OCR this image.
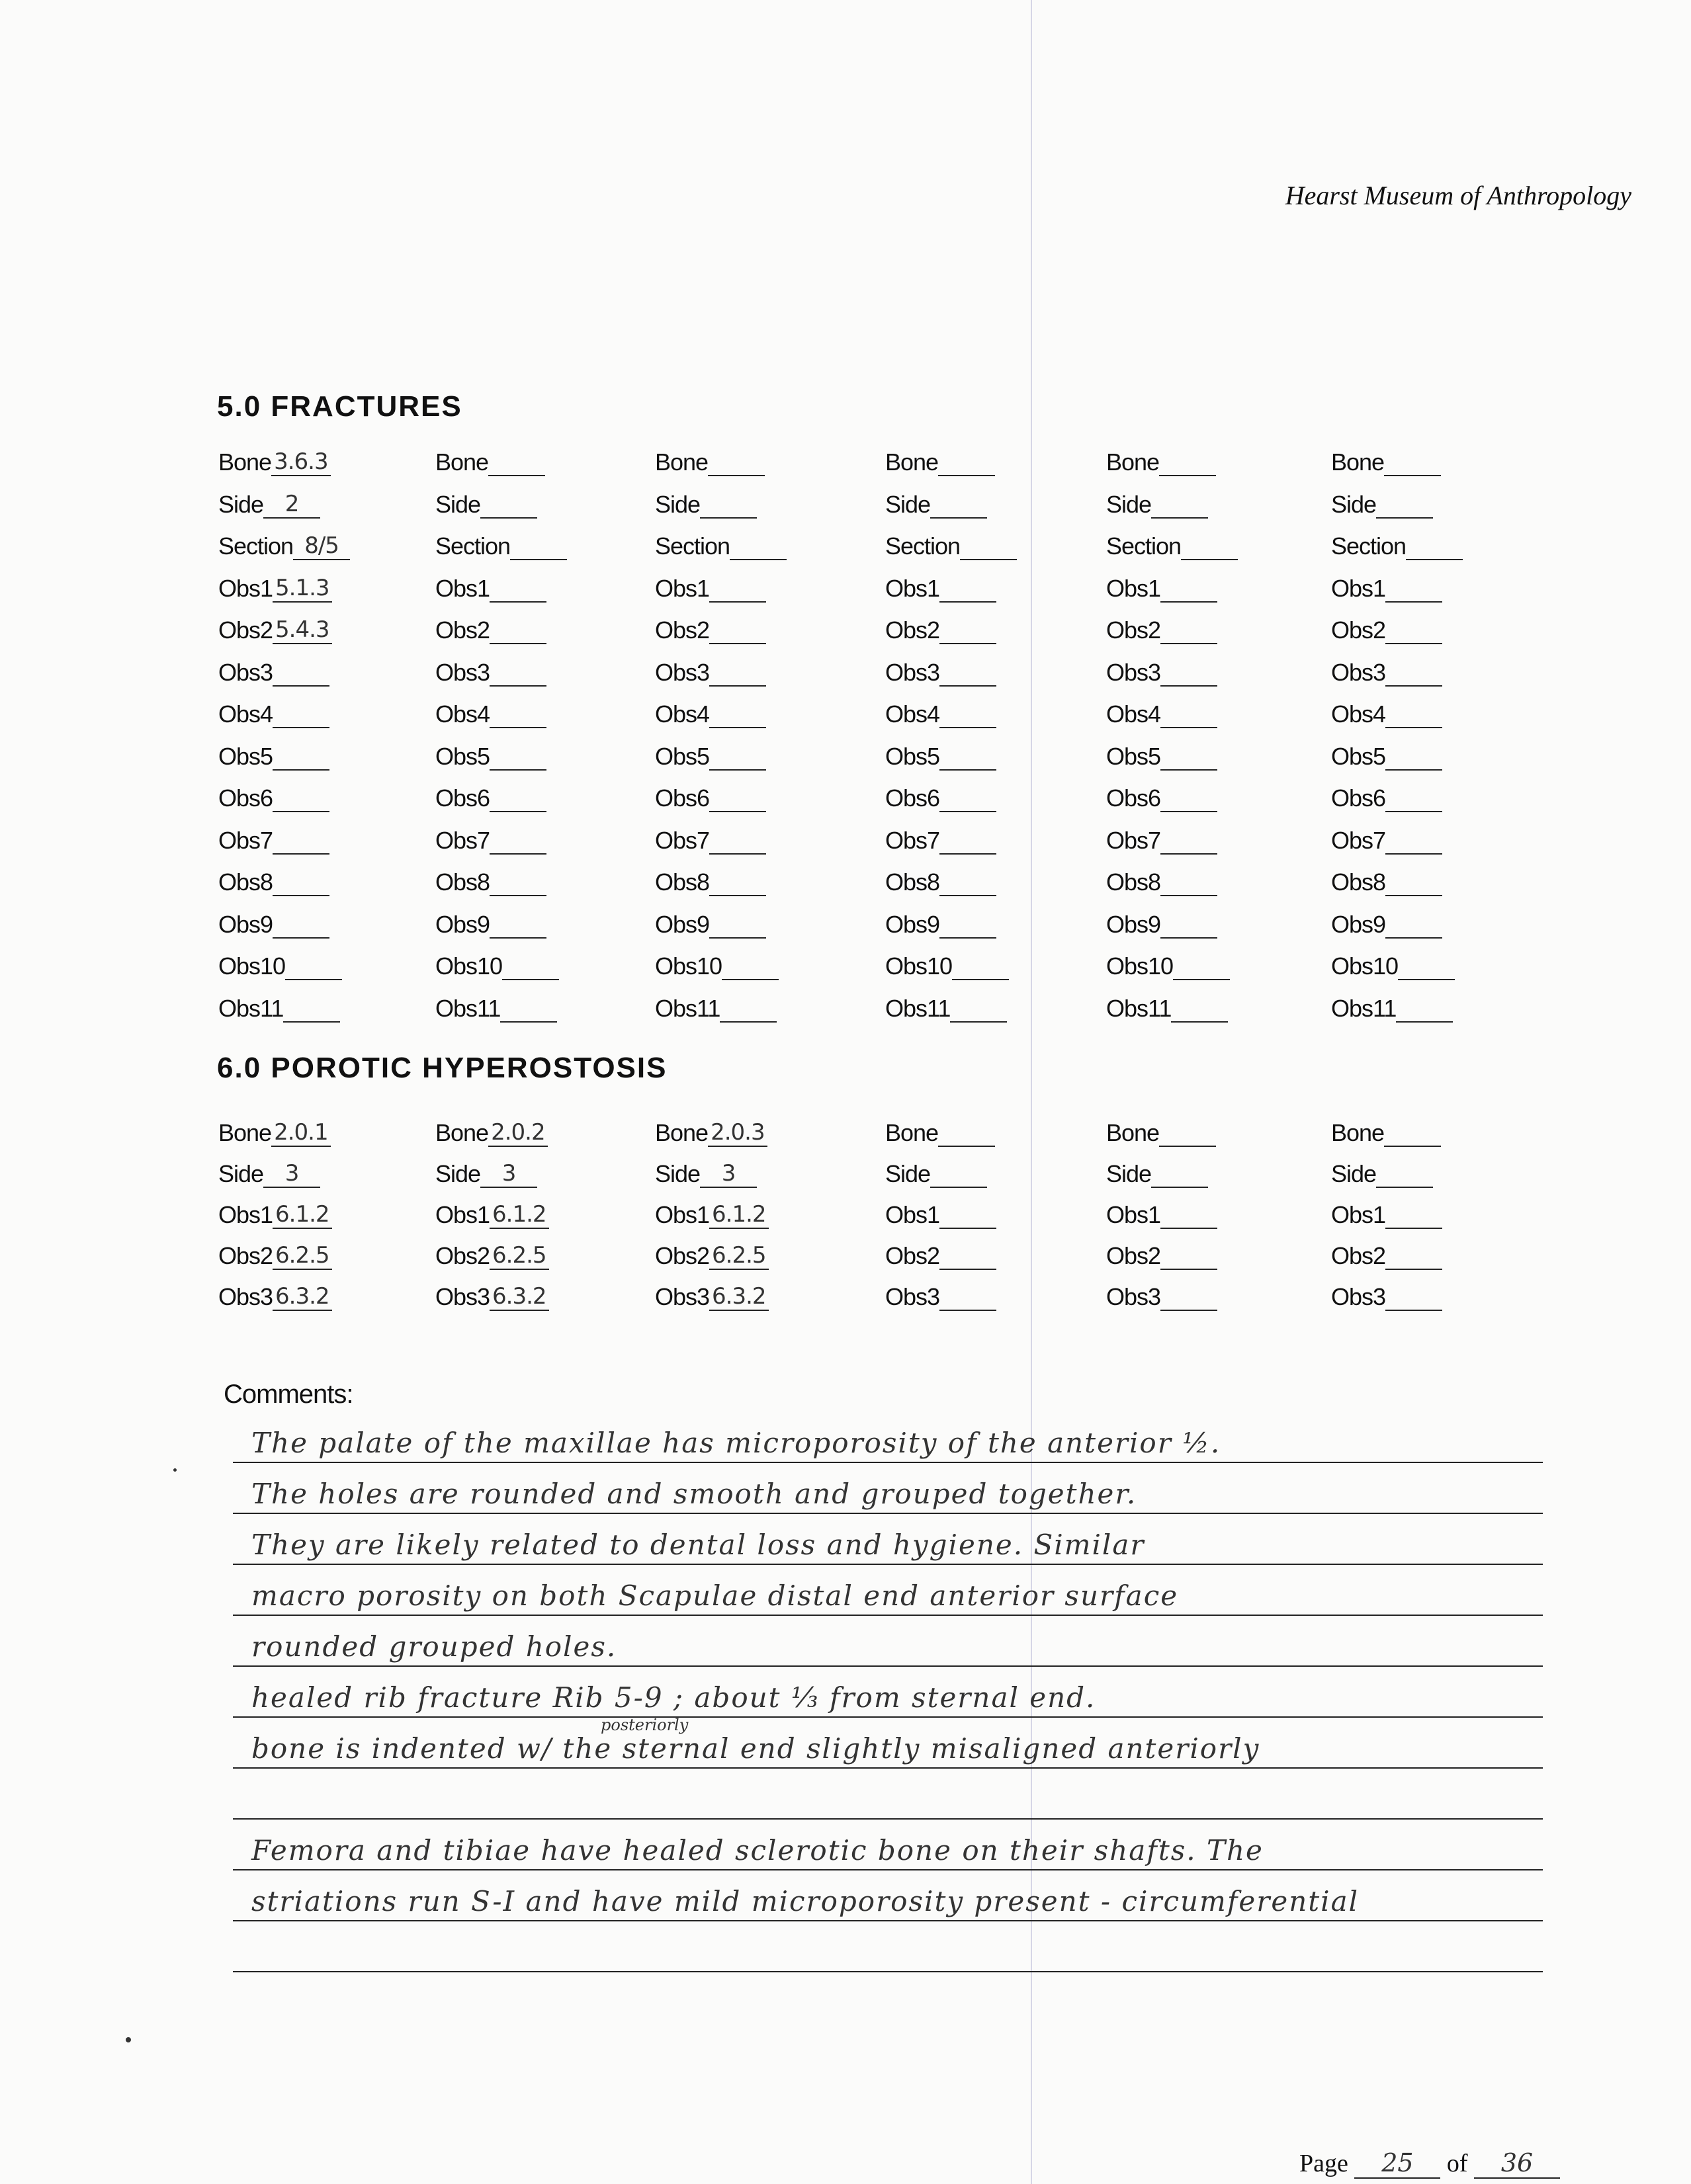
Hearst Museum of Anthropology
5.0 FRACTURES
Bone 3.6.3
Side 2
Section 8/5
Obs1 5.1.3
Obs2 5.4.3
Obs3
Obs4
Obs5
Obs6
Obs7
Obs8
Obs9
Obs10
Obs11
Bone
Side
Section
Obs1
Obs2
Obs3
Obs4
Obs5
Obs6
Obs7
Obs8
Obs9
Obs10
Obs11
Bone
Side
Section
Obs1
Obs2
Obs3
Obs4
Obs5
Obs6
Obs7
Obs8
Obs9
Obs10
Obs11
Bone
Side
Section
Obs1
Obs2
Obs3
Obs4
Obs5
Obs6
Obs7
Obs8
Obs9
Obs10
Obs11
Bone
Side
Section
Obs1
Obs2
Obs3
Obs4
Obs5
Obs6
Obs7
Obs8
Obs9
Obs10
Obs11
Bone
Side
Section
Obs1
Obs2
Obs3
Obs4
Obs5
Obs6
Obs7
Obs8
Obs9
Obs10
Obs11
6.0 POROTIC HYPEROSTOSIS
Bone 2.0.1
Side 3
Obs1 6.1.2
Obs2 6.2.5
Obs3 6.3.2
Bone 2.0.2
Side 3
Obs1 6.1.2
Obs2 6.2.5
Obs3 6.3.2
Bone 2.0.3
Side 3
Obs1 6.1.2
Obs2 6.2.5
Obs3 6.3.2
Bone
Side
Obs1
Obs2
Obs3
Bone
Side
Obs1
Obs2
Obs3
Bone
Side
Obs1
Obs2
Obs3
Comments:
The palate of the maxillae has microporosity of the anterior ½.
The holes are rounded and smooth and grouped together.
They are likely related to dental loss and hygiene. Similar
macro porosity on both Scapulae distal end anterior surface
rounded grouped holes.
healed rib fracture Rib 5-9 ; about ⅓ from sternal end.
bone is indented w/ the sternal end slightly misaligned anteriorly
Femora and tibiae have healed sclerotic bone on their shafts. The
striations run S-I and have mild microporosity present - circumferential
posteriorly
Page 25 of 36
